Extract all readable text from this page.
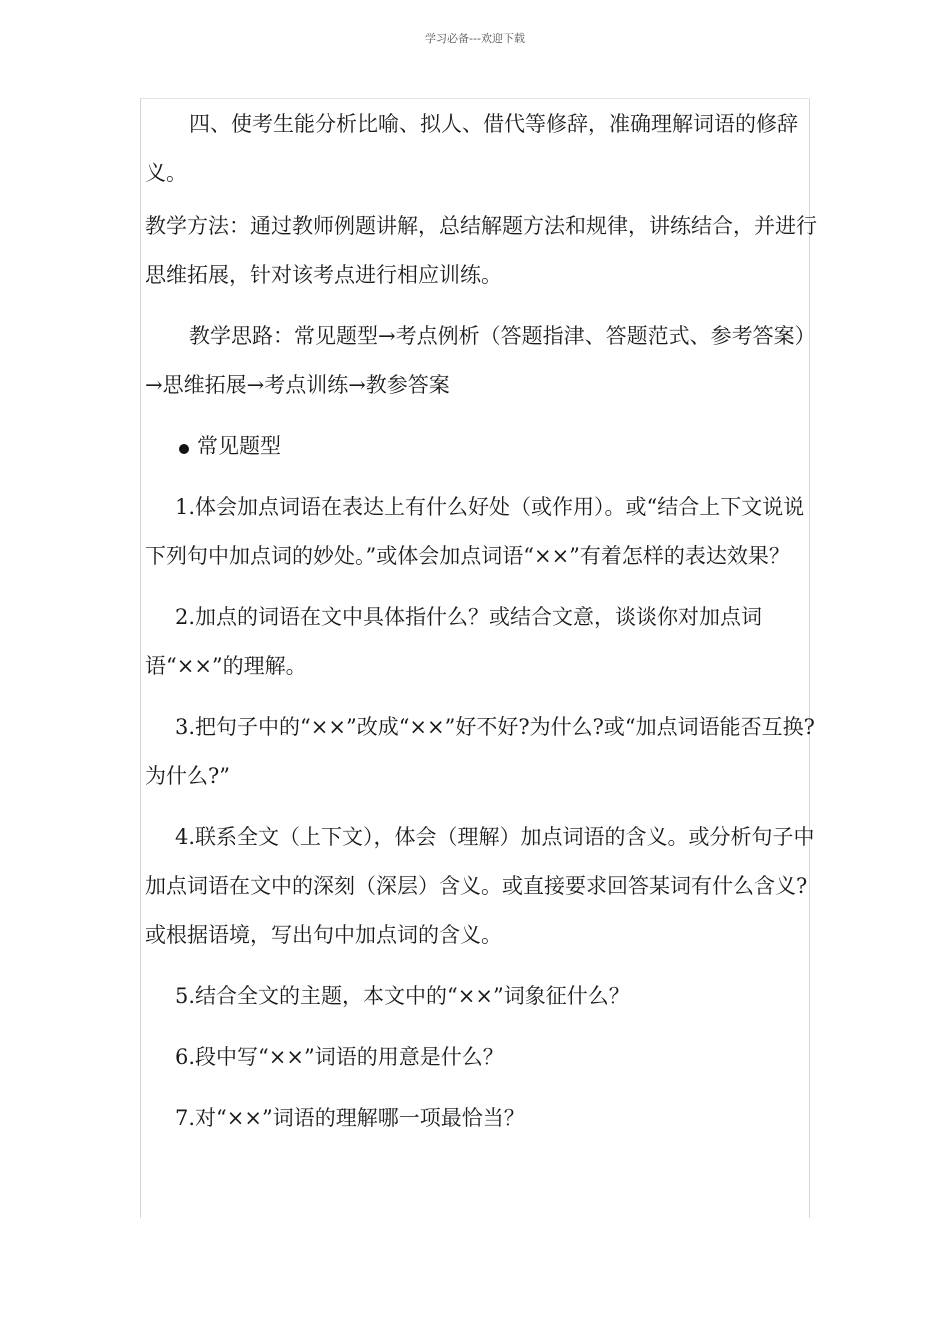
学习必备---欢迎下载

四、使考生能分析比喻、拟人、借代等修辞，准确理解词语的修辞义。

教学方法：通过教师例题讲解，总结解题方法和规律，讲练结合，并进行思维拓展，针对该考点进行相应训练。

教学思路：常见题型→考点例析（答题指津、答题范式、参考答案）→思维拓展→考点训练→教参答案

常见题型

1.体会加点词语在表达上有什么好处（或作用）。或“结合上下文说说下列句中加点词的妙处。”或体会加点词语“××”有着怎样的表达效果？

2.加点的词语在文中具体指什么？或结合文意，谈谈你对加点词语“××”的理解。

3.把句子中的“××”改成“××”好不好?为什么?或“加点词语能否互换?为什么?”

4.联系全文（上下文），体会（理解）加点词语的含义。或分析句子中加点词语在文中的深刻（深层）含义。或直接要求回答某词有什么含义?或根据语境，写出句中加点词的含义。

5.结合全文的主题，本文中的“××”词象征什么？

6.段中写“××”词语的用意是什么？

7.对“××”词语的理解哪一项最恰当？
